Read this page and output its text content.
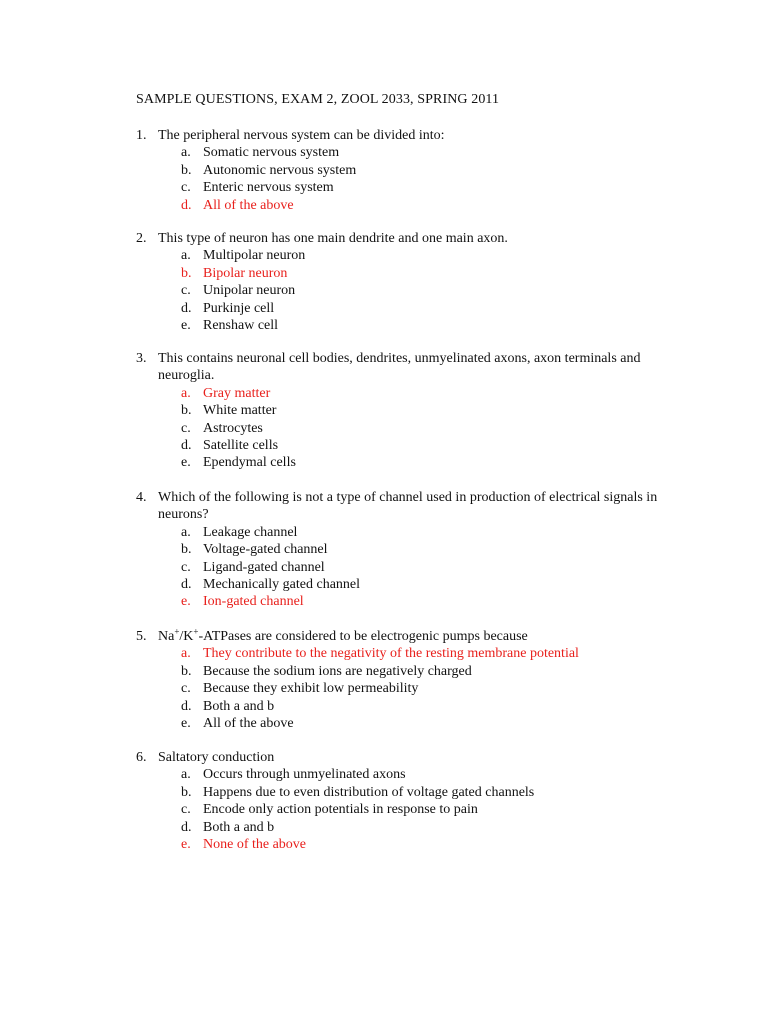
SAMPLE QUESTIONS, EXAM 2, ZOOL 2033, SPRING 2011
1. The peripheral nervous system can be divided into:
a. Somatic nervous system
b. Autonomic nervous system
c. Enteric nervous system
d. All of the above
2. This type of neuron has one main dendrite and one main axon.
a. Multipolar neuron
b. Bipolar neuron
c. Unipolar neuron
d. Purkinje cell
e. Renshaw cell
3. This contains neuronal cell bodies, dendrites, unmyelinated axons, axon terminals and neuroglia.
a. Gray matter
b. White matter
c. Astrocytes
d. Satellite cells
e. Ependymal cells
4. Which of the following is not a type of channel used in production of electrical signals in neurons?
a. Leakage channel
b. Voltage-gated channel
c. Ligand-gated channel
d. Mechanically gated channel
e. Ion-gated channel
5. Na+/K+-ATPases are considered to be electrogenic pumps because
a. They contribute to the negativity of the resting membrane potential
b. Because the sodium ions are negatively charged
c. Because they exhibit low permeability
d. Both a and b
e. All of the above
6. Saltatory conduction
a. Occurs through unmyelinated axons
b. Happens due to even distribution of voltage gated channels
c. Encode only action potentials in response to pain
d. Both a and b
e. None of the above
